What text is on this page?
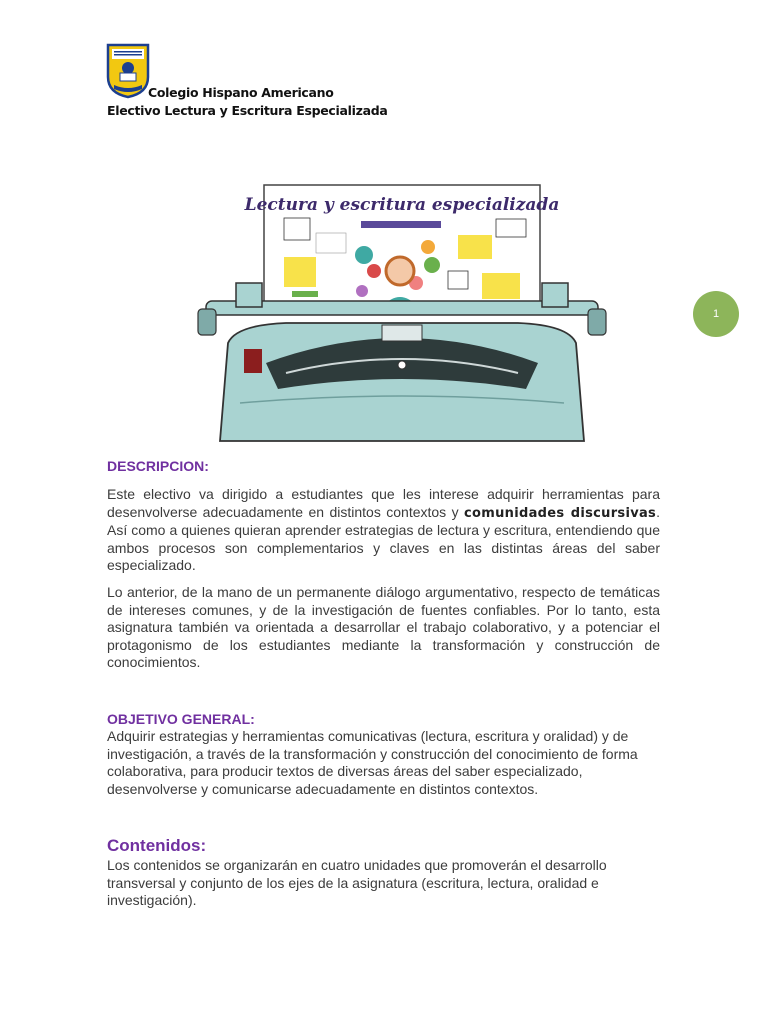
Colegio Hispano Americano
Electivo Lectura y Escritura Especializada
Lectura y escritura especializada
1
DESCRIPCION:

Este electivo va dirigido a estudiantes que les interese adquirir herramientas para desenvolverse adecuadamente en distintos contextos y comunidades discursivas. Así como a quienes quieran aprender estrategias de lectura y escritura, entendiendo que ambos procesos son complementarios y claves en las distintas áreas del saber especializado.

Lo anterior, de la mano de un permanente diálogo argumentativo, respecto de temáticas de intereses comunes, y de la investigación de fuentes confiables. Por lo tanto, esta asignatura también va orientada a desarrollar el trabajo colaborativo, y a potenciar el protagonismo de los estudiantes mediante la transformación y construcción de conocimientos.

OBJETIVO GENERAL:

Adquirir estrategias y herramientas comunicativas (lectura, escritura y oralidad) y de investigación, a través de la transformación y construcción del conocimiento de forma colaborativa, para producir textos de diversas áreas del saber especializado, desenvolverse y comunicarse adecuadamente en distintos contextos.

Contenidos:

Los contenidos se organizarán en cuatro unidades que promoverán el desarrollo transversal y conjunto de los ejes de la asignatura (escritura, lectura, oralidad e investigación).
